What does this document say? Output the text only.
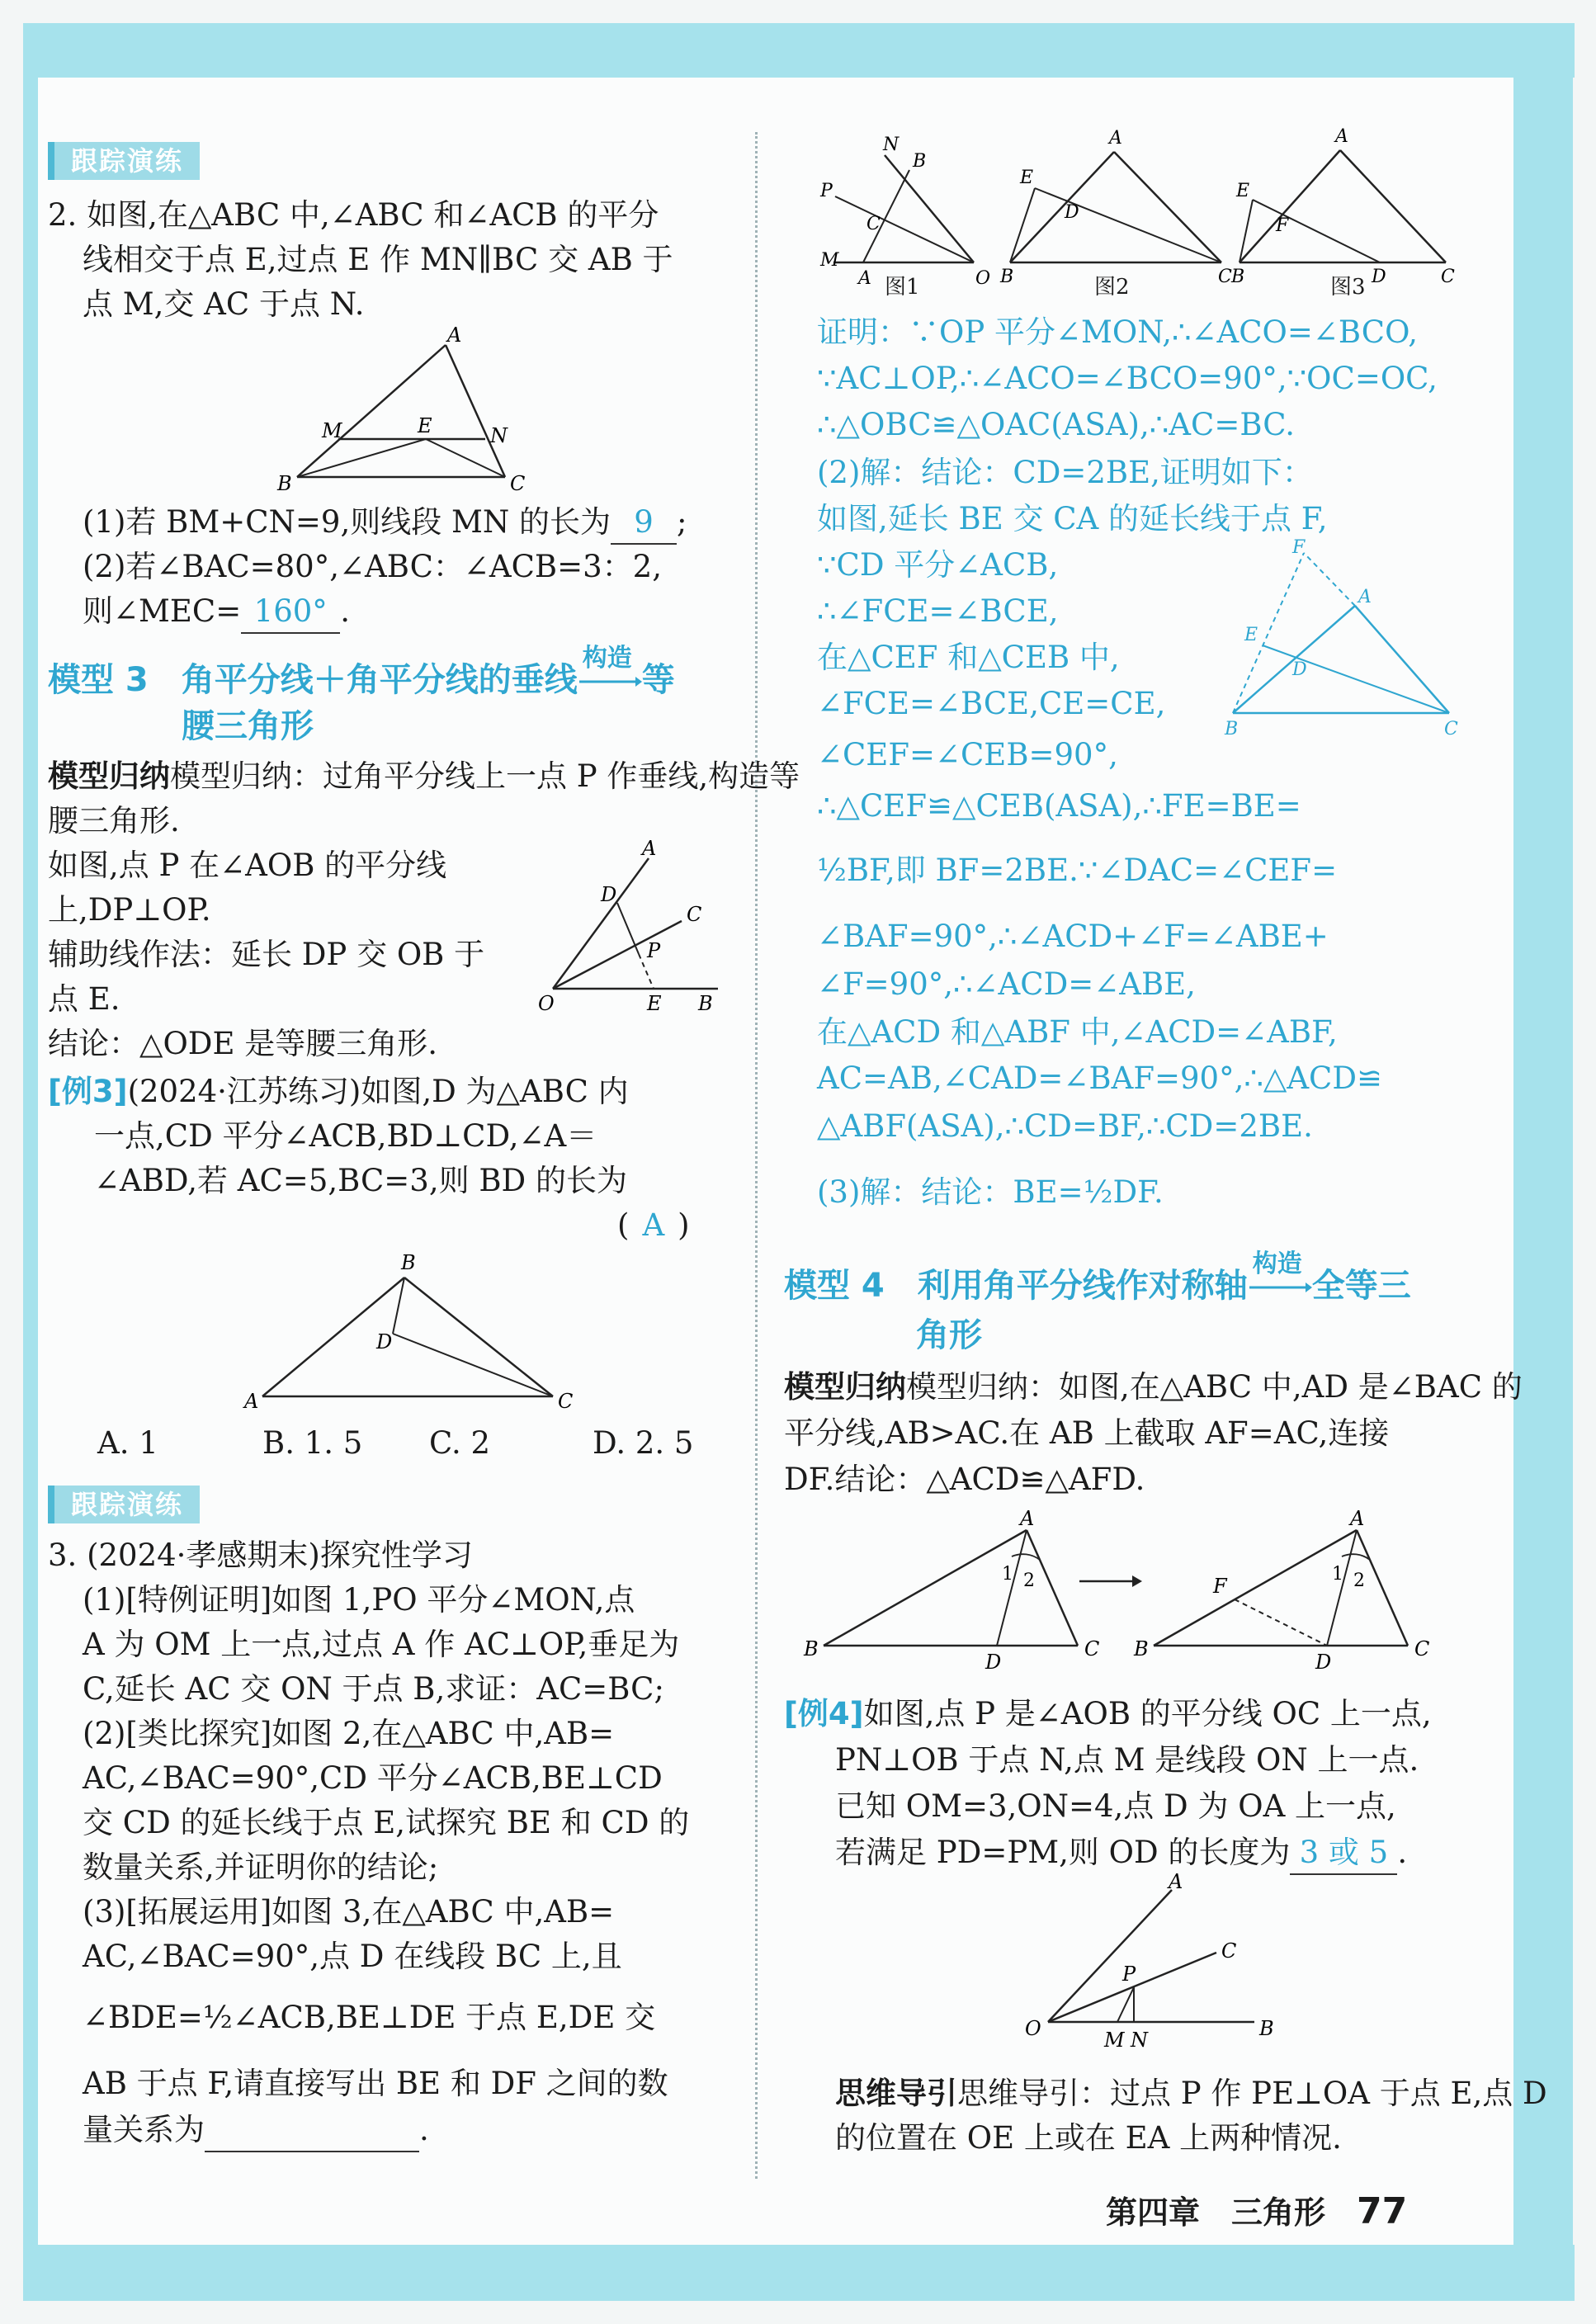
跟踪演练
2. 如图,在△ABC 中,∠ABC 和∠ACB 的平分
线相交于点 E,过点 E 作 MN∥BC 交 AB 于
点 M,交 AC 于点 N.
A
M	E	N
B	C
(1)若 BM+CN=9,则线段 MN 的长为 9 ;
(2)若∠BAC=80°,∠ABC：∠ACB=3：2,
则∠MEC= 160° .
模型 3　角平分线＋角平分线的垂线
构造
等
腰三角形
模型归纳模型归纳：过角平分线上一点 P 作垂线,构造等
腰三角形.
如图,点 P 在∠AOB 的平分线
上,DP⊥OP.
辅助线作法：延长 DP 交 OB 于
点 E.
结论：△ODE 是等腰三角形.
A
D
C
P
O	E B
[例3](2024·江苏练习)如图,D 为△ABC 内
一点,CD 平分∠ACB,BD⊥CD,∠A＝
∠ABD,若 AC=5,BC=3,则 BD 的长为
( A )
B
D
A	C
A. 1	B. 1. 5 C. 2	D. 2. 5
跟踪演练
3. (2024·孝感期末)探究性学习
(1)[特例证明]如图 1,PO 平分∠MON,点
A 为 OM 上一点,过点 A 作 AC⊥OP,垂足为
C,延长 AC 交 ON 于点 B,求证：AC=BC;
(2)[类比探究]如图 2,在△ABC 中,AB=
AC,∠BAC=90°,CD 平分∠ACB,BE⊥CD
交 CD 的延长线于点 E,试探究 BE 和 CD 的
数量关系,并证明你的结论;
(3)[拓展运用]如图 3,在△ABC 中,AB=
AC,∠BAC=90°,点 D 在线段 BC 上,且
∠BDE=½∠ACB,BE⊥DE 于点 E,DE 交
AB 于点 F,请直接写出 BE 和 DF 之间的数
量关系为	.
N
B
P
C
M
A	O
图1
A
E
D
B	C
图2
A
E
F
B	D	C
图3
证明：∵OP 平分∠MON,∴∠ACO=∠BCO,
∵AC⊥OP,∴∠ACO=∠BCO=90°,∵OC=OC,
∴△OBC≌△OAC(ASA),∴AC=BC.
(2)解：结论：CD=2BE,证明如下：
如图,延长 BE 交 CA 的延长线于点 F,
∵CD 平分∠ACB,
∴∠FCE=∠BCE,
在△CEF 和△CEB 中,
∠FCE=∠BCE,CE=CE,
∠CEF=∠CEB=90°,
F
A
E
D
B	C
∴△CEF≌△CEB(ASA),∴FE=BE=
½BF,即 BF=2BE.∵∠DAC=∠CEF=
∠BAF=90°,∴∠ACD+∠F=∠ABE+
∠F=90°,∴∠ACD=∠ABE,
在△ACD 和△ABF 中,∠ACD=∠ABF,
AC=AB,∠CAD=∠BAF=90°,∴△ACD≌
△ABF(ASA),∴CD=BF,∴CD=2BE.
(3)解：结论：BE=½DF.
模型 4　利用角平分线作对称轴
构造
全等三
角形
模型归纳模型归纳：如图,在△ABC 中,AD 是∠BAC 的
平分线,AB>AC.在 AB 上截取 AF=AC,连接
DF.结论：△ACD≌△AFD.
A
1 2
B
D
C
A
F
1 2
B
D
C
[例4]如图,点 P 是∠AOB 的平分线 OC 上一点,
PN⊥OB 于点 N,点 M 是线段 ON 上一点.
已知 OM=3,ON=4,点 D 为 OA 上一点,
若满足 PD=PM,则 OD 的长度为 3 或 5 .
A
P
C
O	M N	B
思维导引思维导引：过点 P 作 PE⊥OA 于点 E,点 D
的位置在 OE 上或在 EA 上两种情况.
第四章　三角形　 77
